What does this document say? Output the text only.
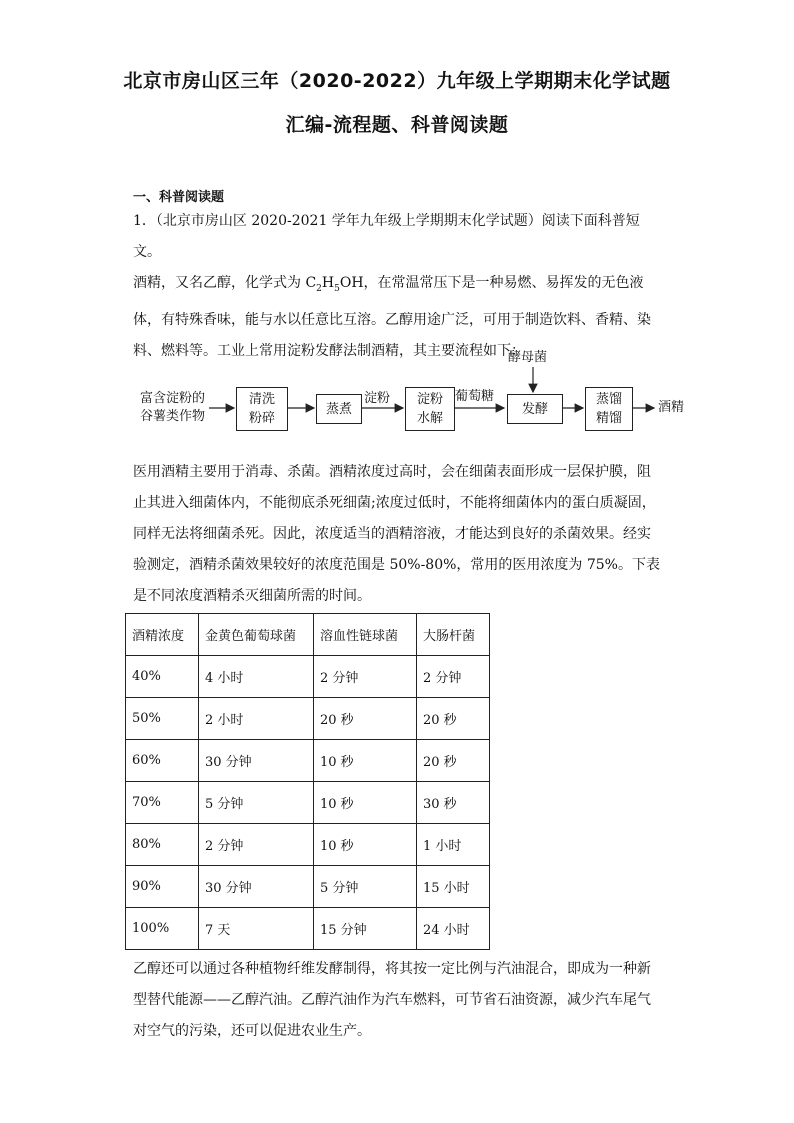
北京市房山区三年（2020-2022）九年级上学期期末化学试题
汇编-流程题、科普阅读题
一、科普阅读题

1．（北京市房山区 2020-2021 学年九年级上学期期末化学试题）阅读下面科普短文。
酒精，又名乙醇，化学式为 $C_2H_5OH$，在常温常压下是一种易燃、易挥发的无色液体，有特殊香味，能与水以任意比互溶。乙醇用途广泛，可用于制造饮料、香精、染料、燃料等。工业上常用淀粉发酵法制酒精，其主要流程如下：

富含淀粉的
谷薯类作物
清洗
粉碎
蒸煮
淀粉 淀粉
水解
葡萄糖
酵母菌
发酵
蒸馏
精馏
酒精

医用酒精主要用于消毒、杀菌。酒精浓度过高时，会在细菌表面形成一层保护膜，阻止其进入细菌体内，不能彻底杀死细菌;浓度过低时，不能将细菌体内的蛋白质凝固，同样无法将细菌杀死。因此，浓度适当的酒精溶液，才能达到良好的杀菌效果。经实验测定，酒精杀菌效果较好的浓度范围是 50%-80%，常用的医用浓度为 75%。下表是不同浓度酒精杀灭细菌所需的时间。

酒精浓度	金黄色葡萄球菌	溶血性链球菌	大肠杆菌
40%	4 小时	2 分钟	2 分钟
50%	2 小时	20 秒	20 秒
60%	30 分钟	10 秒	20 秒
70%	5 分钟	10 秒	30 秒
80%	2 分钟	10 秒	1 小时
90%	30 分钟	5 分钟	15 小时
100%	7 天	15 分钟	24 小时

乙醇还可以通过各种植物纤维发酵制得，将其按一定比例与汽油混合，即成为一种新型替代能源——乙醇汽油。乙醇汽油作为汽车燃料，可节省石油资源，减少汽车尾气对空气的污染，还可以促进农业生产。
